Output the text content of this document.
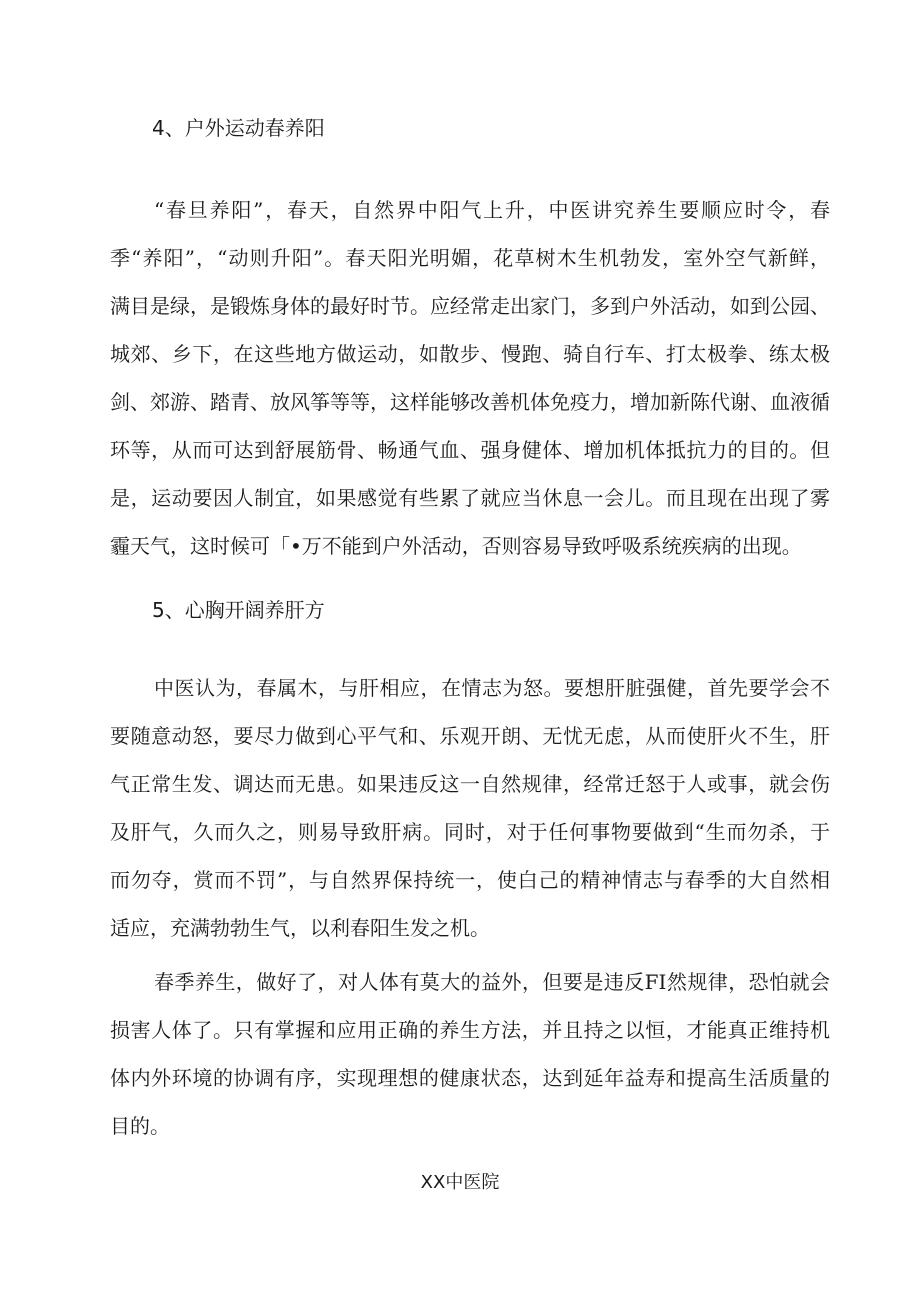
4、户外运动春养阳
“春旦养阳”，春天，自然界中阳气上升，中医讲究养生要顺应时令，春
季“养阳”，“动则升阳”。春天阳光明媚，花草树木生机勃发，室外空气新鲜，
满目是绿，是锻炼身体的最好时节。应经常走出家门，多到户外活动，如到公园、
城郊、乡下，在这些地方做运动，如散步、慢跑、骑自行车、打太极拳、练太极
剑、郊游、踏青、放风筝等等，这样能够改善机体免疫力，增加新陈代谢、血液循
环等，从而可达到舒展筋骨、畅通气血、强身健体、增加机体抵抗力的目的。但
是，运动要因人制宜，如果感觉有些累了就应当休息一会儿。而且现在出现了雾
霾天气，这时候可「•万不能到户外活动，否则容易导致呼吸系统疾病的出现。
5、心胸开阔养肝方
中医认为，春属木，与肝相应，在情志为怒。要想肝脏强健，首先要学会不
要随意动怒，要尽力做到心平气和、乐观开朗、无忧无虑，从而使肝火不生，肝
气正常生发、调达而无患。如果违反这一自然规律，经常迁怒于人或事，就会伤
及肝气，久而久之，则易导致肝病。同时，对于任何事物要做到“生而勿杀，于
而勿夺，赏而不罚”，与自然界保持统一，使白己的精神情志与春季的大自然相
适应，充满勃勃生气，以利春阳生发之机。
春季养生，做好了，对人体有莫大的益外，但要是违反FI然规律，恐怕就会
损害人体了。只有掌握和应用正确的养生方法，并且持之以恒，才能真正维持机
体内外环境的协调有序，实现理想的健康状态，达到延年益寿和提高生活质量的
目的。
XX中医院
